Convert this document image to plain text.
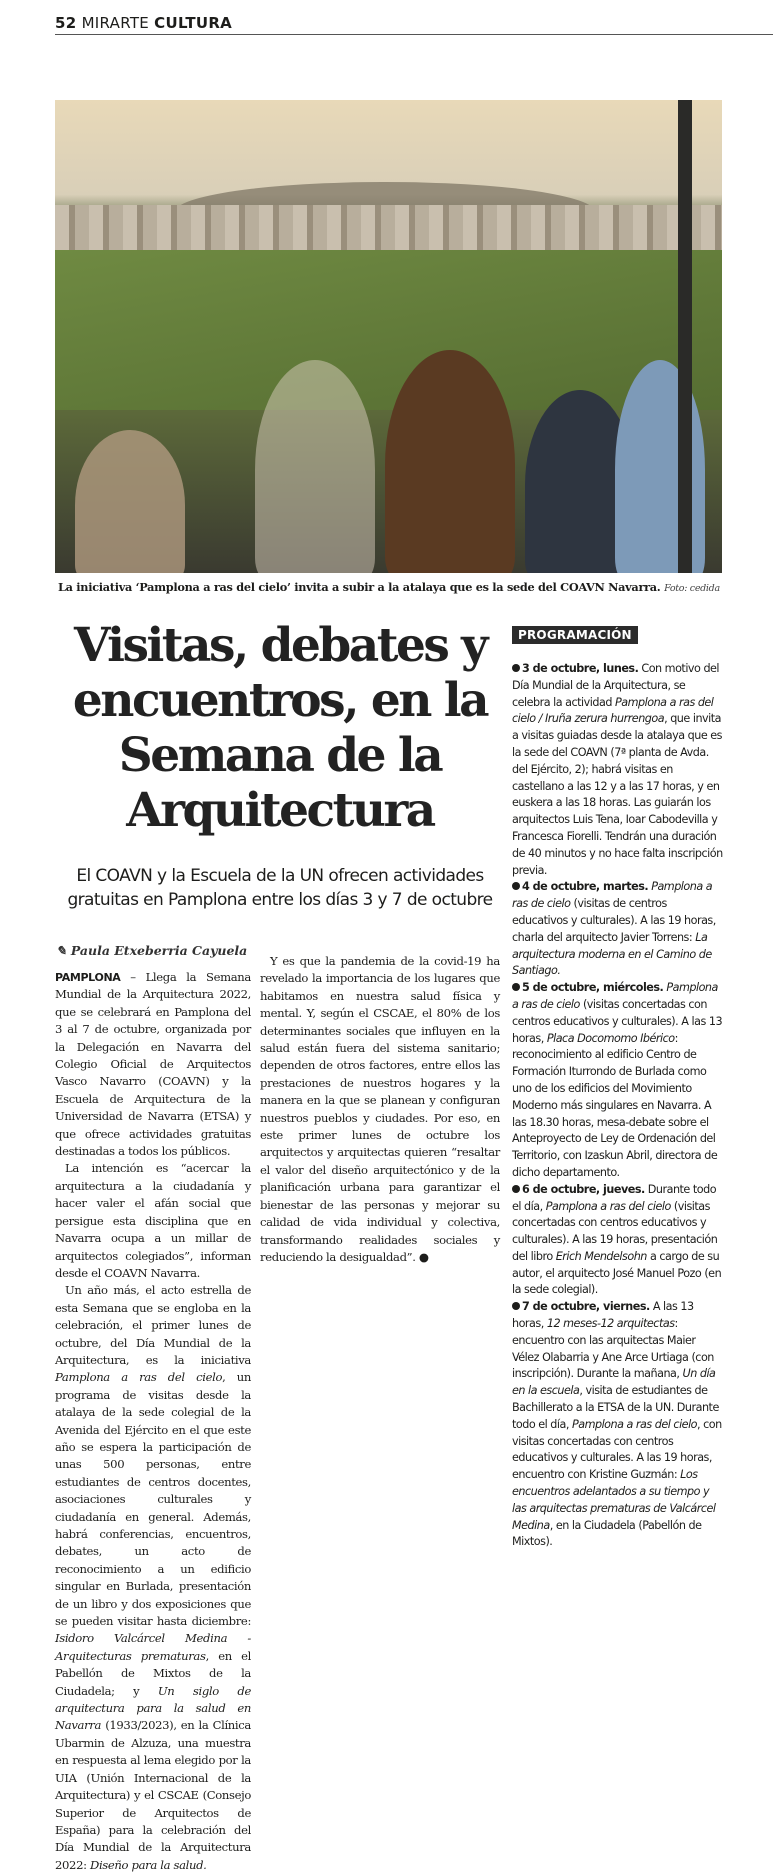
52 MIRARTE CULTURA
La iniciativa ‘Pamplona a ras del cielo’ invita a subir a la atalaya que es la sede del COAVN Navarra. Foto: cedida
Visitas, debates y encuentros, en la Semana de la Arquitectura
El COAVN y la Escuela de la UN ofrecen actividades gratuitas en Pamplona entre los días 3 y 7 de octubre
✎ Paula Etxeberria Cayuela

PAMPLONA – Llega la Semana Mundial de la Arquitectura 2022, que se celebrará en Pamplona del 3 al 7 de octubre, organizada por la Delegación en Navarra del Colegio Oficial de Arquitectos Vasco Navarro (COAVN) y la Escuela de Arquitectura de la Universidad de Navarra (ETSA) y que ofrece actividades gratuitas destinadas a todos los públicos.

La intención es “acercar la arquitectura a la ciudadanía y hacer valer el afán social que persigue esta disciplina que en Navarra ocupa a un millar de arquitectos colegiados”, informan desde el COAVN Navarra.

Un año más, el acto estrella de esta Semana que se engloba en la celebración, el primer lunes de octubre, del Día Mundial de la Arquitectura, es la iniciativa Pamplona a ras del cielo, un programa de visitas desde la atalaya de la sede colegial de la Avenida del Ejército en el que este año se espera la participación de unas 500 personas, entre estudiantes de centros docentes, asociaciones culturales y ciudadanía en general. Además, habrá conferencias, encuentros, debates, un acto de reconocimiento a un edificio singular en Burlada, presentación de un libro y dos exposiciones que se pueden visitar hasta diciembre: Isidoro Valcárcel Medina - Arquitecturas prematuras, en el Pabellón de Mixtos de la Ciudadela; y Un siglo de arquitectura para la salud en Navarra (1933/2023), en la Clínica Ubarmin de Alzuza, una muestra en respuesta al lema elegido por la UIA (Unión Internacional de la Arquitectura) y el CSCAE (Consejo Superior de Arquitectos de España) para la celebración del Día Mundial de la Arquitectura 2022: Diseño para la salud.

Y es que la pandemia de la covid-19 ha revelado la importancia de los lugares que habitamos en nuestra salud física y mental. Y, según el CSCAE, el 80% de los determinantes sociales que influyen en la salud están fuera del sistema sanitario; dependen de otros factores, entre ellos las prestaciones de nuestros hogares y la manera en la que se planean y configuran nuestros pueblos y ciudades. Por eso, en este primer lunes de octubre los arquitectos y arquitectas quieren “resaltar el valor del diseño arquitectónico y de la planificación urbana para garantizar el bienestar de las personas y mejorar su calidad de vida individual y colectiva, transformando realidades sociales y reduciendo la desigualdad”. ●

PROGRAMACIÓN
3 de octubre, lunes. Con motivo del Día Mundial de la Arquitectura, se celebra la actividad Pamplona a ras del cielo / Iruña zerura hurrengoa, que invita a visitas guiadas desde la atalaya que es la sede del COAVN (7ª planta de Avda. del Ejército, 2); habrá visitas en castellano a las 12 y a las 17 horas, y en euskera a las 18 horas. Las guiarán los arquitectos Luis Tena, Ioar Cabodevilla y Francesca Fiorelli. Tendrán una duración de 40 minutos y no hace falta inscripción previa.
4 de octubre, martes. Pamplona a ras de cielo (visitas de centros educativos y culturales). A las 19 horas, charla del arquitecto Javier Torrens: La arquitectura moderna en el Camino de Santiago.
5 de octubre, miércoles. Pamplona a ras de cielo (visitas concertadas con centros educativos y culturales). A las 13 horas, Placa Docomomo Ibérico: reconocimiento al edificio Centro de Formación Iturrondo de Burlada como uno de los edificios del Movimiento Moderno más singulares en Navarra. A las 18.30 horas, mesa-debate sobre el Anteproyecto de Ley de Ordenación del Territorio, con Izaskun Abril, directora de dicho departamento.
6 de octubre, jueves. Durante todo el día, Pamplona a ras del cielo (visitas concertadas con centros educativos y culturales). A las 19 horas, presentación del libro Erich Mendelsohn a cargo de su autor, el arquitecto José Manuel Pozo (en la sede colegial).
7 de octubre, viernes. A las 13 horas, 12 meses-12 arquitectas: encuentro con las arquitectas Maier Vélez Olabarria y Ane Arce Urtiaga (con inscripción). Durante la mañana, Un día en la escuela, visita de estudiantes de Bachillerato a la ETSA de la UN. Durante todo el día, Pamplona a ras del cielo, con visitas concertadas con centros educativos y culturales. A las 19 horas, encuentro con Kristine Guzmán: Los encuentros adelantados a su tiempo y las arquitectas prematuras de Valcárcel Medina, en la Ciudadela (Pabellón de Mixtos).
